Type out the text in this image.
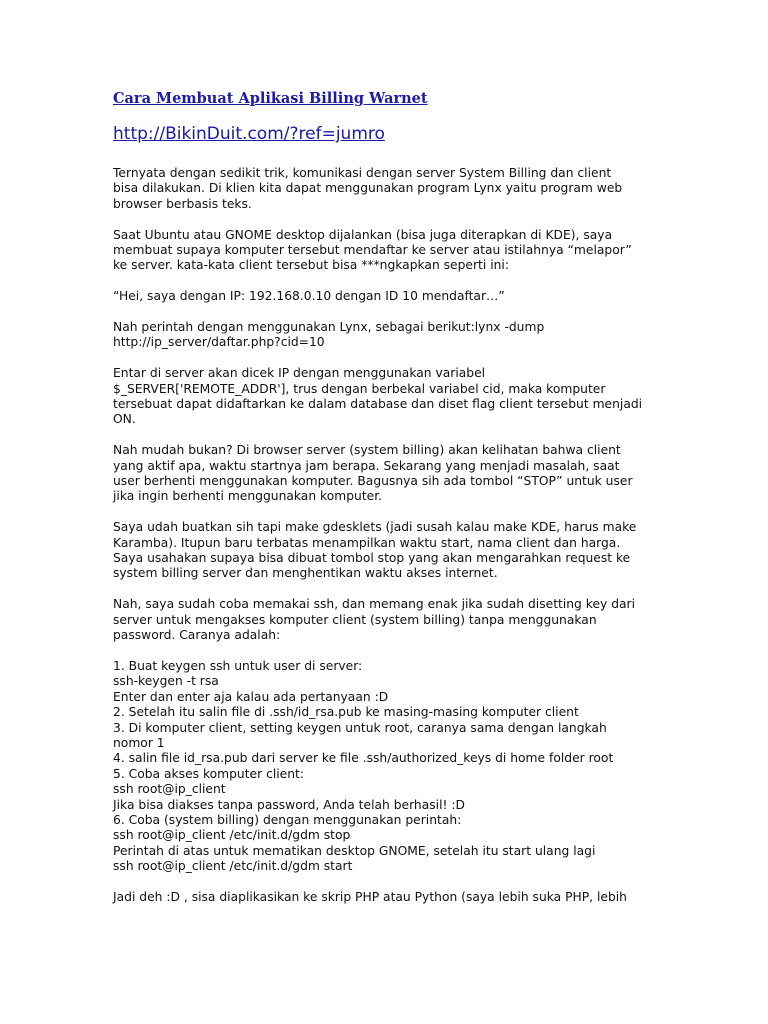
Cara Membuat Aplikasi Billing Warnet
http://BikinDuit.com/?ref=jumro

Ternyata dengan sedikit trik, komunikasi dengan server System Billing dan client
bisa dilakukan. Di klien kita dapat menggunakan program Lynx yaitu program web
browser berbasis teks.

Saat Ubuntu atau GNOME desktop dijalankan (bisa juga diterapkan di KDE), saya
membuat supaya komputer tersebut mendaftar ke server atau istilahnya “melapor”
ke server. kata-kata client tersebut bisa ***ngkapkan seperti ini:

“Hei, saya dengan IP: 192.168.0.10 dengan ID 10 mendaftar…”

Nah perintah dengan menggunakan Lynx, sebagai berikut:lynx -dump
http://ip_server/daftar.php?cid=10

Entar di server akan dicek IP dengan menggunakan variabel
$_SERVER['REMOTE_ADDR'], trus dengan berbekal variabel cid, maka komputer
tersebuat dapat didaftarkan ke dalam database dan diset flag client tersebut menjadi
ON.

Nah mudah bukan? Di browser server (system billing) akan kelihatan bahwa client
yang aktif apa, waktu startnya jam berapa. Sekarang yang menjadi masalah, saat
user berhenti menggunakan komputer. Bagusnya sih ada tombol “STOP” untuk user
jika ingin berhenti menggunakan komputer.

Saya udah buatkan sih tapi make gdesklets (jadi susah kalau make KDE, harus make
Karamba). Itupun baru terbatas menampilkan waktu start, nama client dan harga.
Saya usahakan supaya bisa dibuat tombol stop yang akan mengarahkan request ke
system billing server dan menghentikan waktu akses internet.

Nah, saya sudah coba memakai ssh, dan memang enak jika sudah disetting key dari
server untuk mengakses komputer client (system billing) tanpa menggunakan
password. Caranya adalah:

1. Buat keygen ssh untuk user di server:
ssh-keygen -t rsa
Enter dan enter aja kalau ada pertanyaan :D
2. Setelah itu salin file di .ssh/id_rsa.pub ke masing-masing komputer client
3. Di komputer client, setting keygen untuk root, caranya sama dengan langkah
nomor 1
4. salin file id_rsa.pub dari server ke file .ssh/authorized_keys di home folder root
5. Coba akses komputer client:
ssh root@ip_client
Jika bisa diakses tanpa password, Anda telah berhasil! :D
6. Coba (system billing) dengan menggunakan perintah:
ssh root@ip_client /etc/init.d/gdm stop
Perintah di atas untuk mematikan desktop GNOME, setelah itu start ulang lagi
ssh root@ip_client /etc/init.d/gdm start

Jadi deh :D , sisa diaplikasikan ke skrip PHP atau Python (saya lebih suka PHP, lebih
